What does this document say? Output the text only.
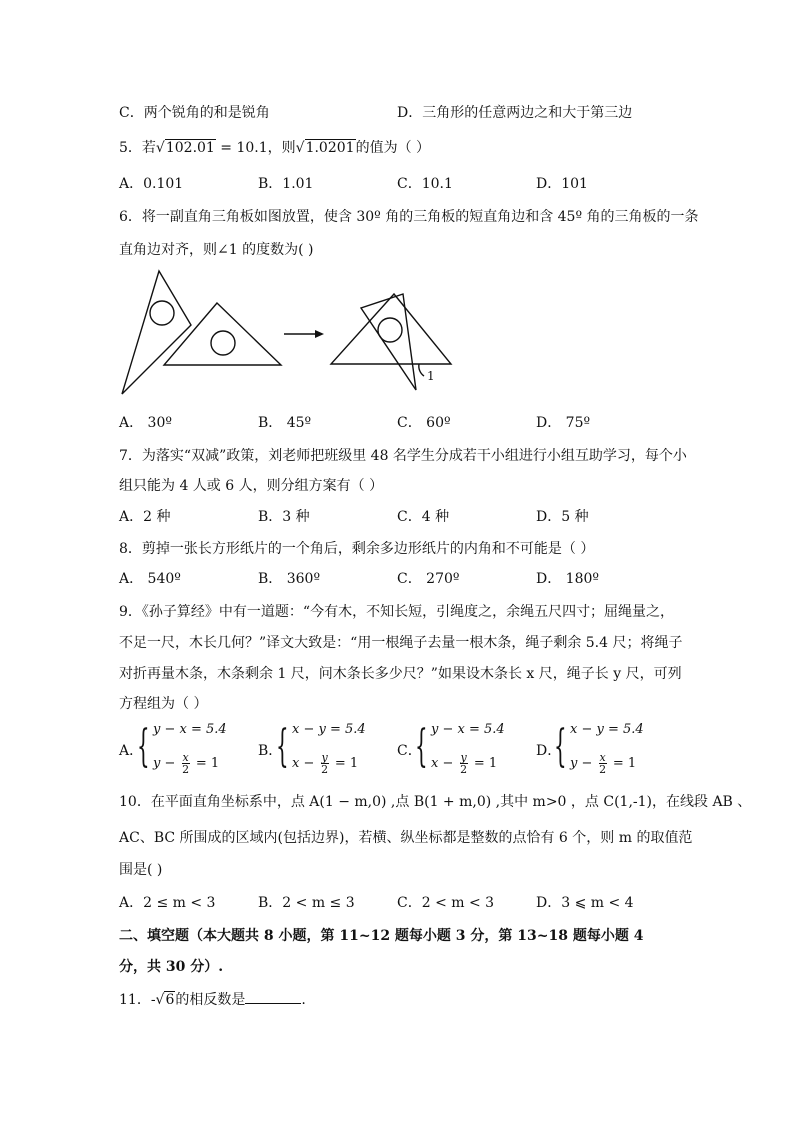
C．两个锐角的和是锐角	D．三角形的任意两边之和大于第三边
5．若√102.01 = 10.1，则√1.0201的值为（ ）
A．0.101	B．1.01	C．10.1	D．101
6．将一副直角三角板如图放置，使含 30º 角的三角板的短直角边和含 45º 角的三角板的一条
直角边对齐，则∠1 的度数为( )
1
A． 30º	B． 45º	C． 60º	D． 75º
7．为落实“双减”政策，刘老师把班级里 48 名学生分成若干小组进行小组互助学习，每个小
组只能为 4 人或 6 人，则分组方案有（ ）
A．2 种	B．3 种	C．4 种	D．5 种
8．剪掉一张长方形纸片的一个角后，剩余多边形纸片的内角和不可能是（ ）
A． 540º	B． 360º	C． 270º	D． 180º
9．《孙子算经》中有一道题：“今有木，不知长短，引绳度之，余绳五尺四寸；屈绳量之，
不足一尺，木长几何？”译文大致是：“用一根绳子去量一根木条，绳子剩余 5.4 尺；将绳子
对折再量木条，木条剩余 1 尺，问木条长多少尺？”如果设木条长 x 尺，绳子长 y 尺，可列
方程组为（ ）
A．
{ y − x = 5.4
$y - \frac{x}{2} = 1$
B．
{ x − y = 5.4
$x - \frac{y}{2} = 1$
C．
{ y − x = 5.4
$x - \frac{y}{2} = 1$
D．
{ x − y = 5.4
$y - \frac{x}{2} = 1$
10．在平面直角坐标系中，点 A(1 − m,0) ,点 B(1 + m,0) ,其中 m>0 ，点 C(1,-1)，在线段 AB 、
AC、BC 所围成的区域内(包括边界)，若横、纵坐标都是整数的点恰有 6 个，则 m 的取值范
围是( )
A．2 ≤ m < 3	B．2 < m ≤ 3	C．2 < m < 3	D．3 ⩽ m < 4
二、填空题（本大题共 8 小题，第 11~12 题每小题 3 分，第 13~18 题每小题 4
分，共 30 分）.
11．-√6的相反数是	.
